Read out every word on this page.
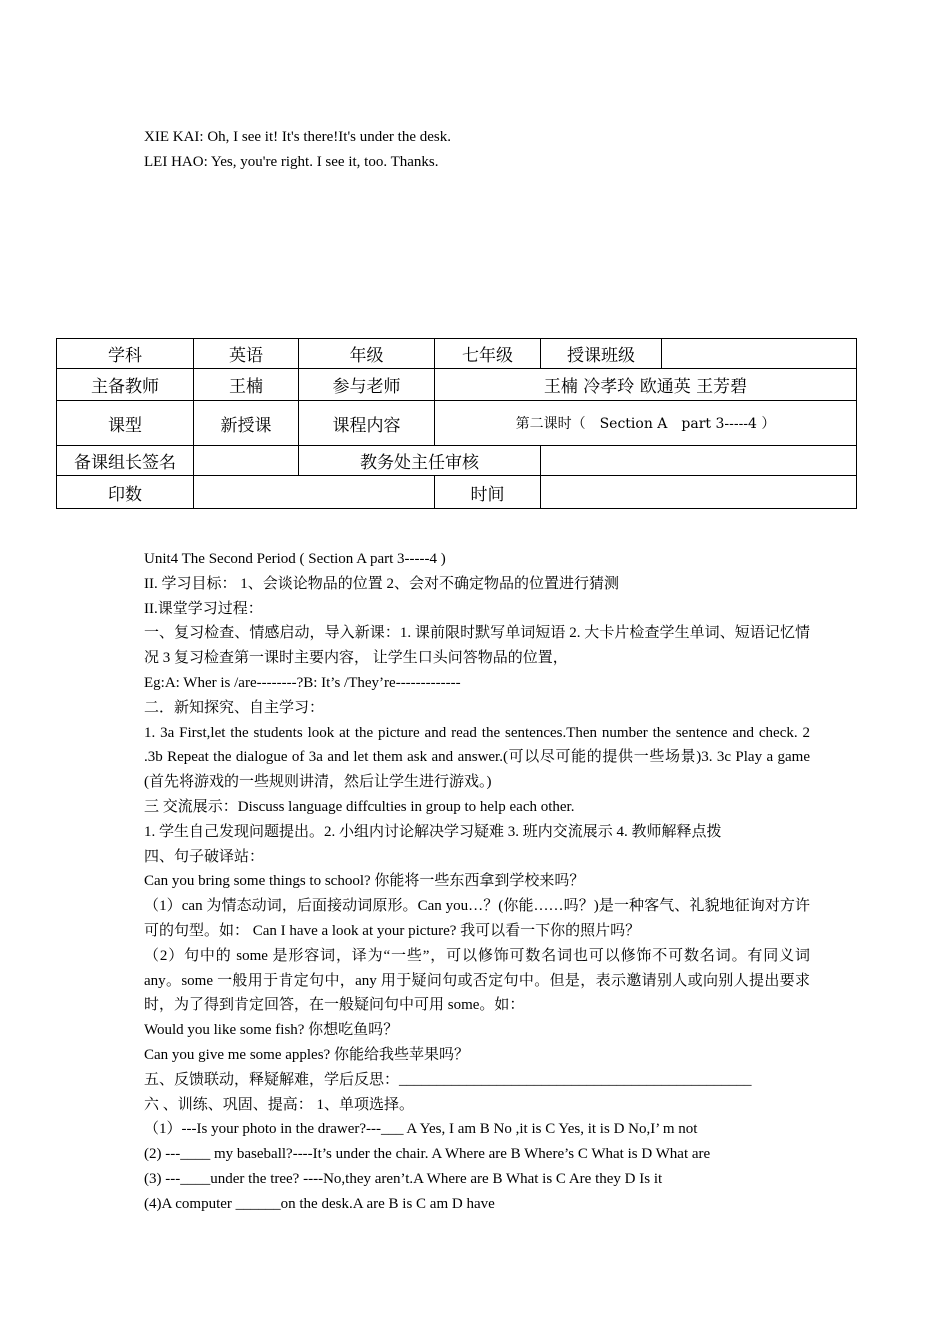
XIE KAI: Oh, I see it! It's there!It's under the desk.
LEI HAO: Yes, you're right. I see it, too. Thanks.
学科	英语	年级	七年级	授课班级	
主备教师	王楠	参与老师	王楠 冷孝玲 欧通英 王芳碧		
课型	新授课	课程内容	第二课时（　Section A　part 3-----4 ）		
备课组长签名		教务处主任审核			
印数			时间		
Unit4 The Second Period ( Section A part 3-----4 )
II. 学习目标： 1、会谈论物品的位置 2、会对不确定物品的位置进行猜测
II.课堂学习过程：
一、复习检查、情感启动，导入新课：1. 课前限时默写单词短语 2. 大卡片检查学生单词、短语记忆情况 3 复习检查第一课时主要内容， 让学生口头问答物品的位置，
Eg:A: Wher is /are--------?B: It’s /They’re-------------
二．新知探究、自主学习：
1. 3a First,let the students look at the picture and read the sentences.Then number the sentence and check. 2 .3b Repeat the dialogue of 3a and let them ask and answer.(可以尽可能的提供一些场景)3. 3c Play a game (首先将游戏的一些规则讲清，然后让学生进行游戏。)
三 交流展示：Discuss language diffculties in group to help each other.
1. 学生自己发现问题提出。2. 小组内讨论解决学习疑难 3. 班内交流展示 4. 教师解释点拨
四、句子破译站：
Can you bring some things to school? 你能将一些东西拿到学校来吗？
（1）can 为情态动词，后面接动词原形。Can you…？(你能……吗？)是一种客气、礼貌地征询对方许可的句型。如： Can I have a look at your picture? 我可以看一下你的照片吗？
（2）句中的 some 是形容词，译为“一些”，可以修饰可数名词也可以修饰不可数名词。有同义词 any。some 一般用于肯定句中，any 用于疑问句或否定句中。但是，表示邀请别人或向别人提出要求时，为了得到肯定回答，在一般疑问句中可用 some。如：
Would you like some fish? 你想吃鱼吗？
Can you give me some apples? 你能给我些苹果吗？
五、反馈联动，释疑解难，学后反思：_______________________________________________
六 、训练、巩固、提高： 1、单项选择。
（1）---Is your photo in the drawer?---___ A Yes, I am B No ,it is C Yes, it is D No,I’ m not
(2) ---____ my baseball?----It’s under the chair. A Where are B Where’s C What is D What are
(3) ---____under the tree? ----No,they aren’t.A Where are B What is C Are they D Is it
(4)A computer ______on the desk.A are B is C am D have
